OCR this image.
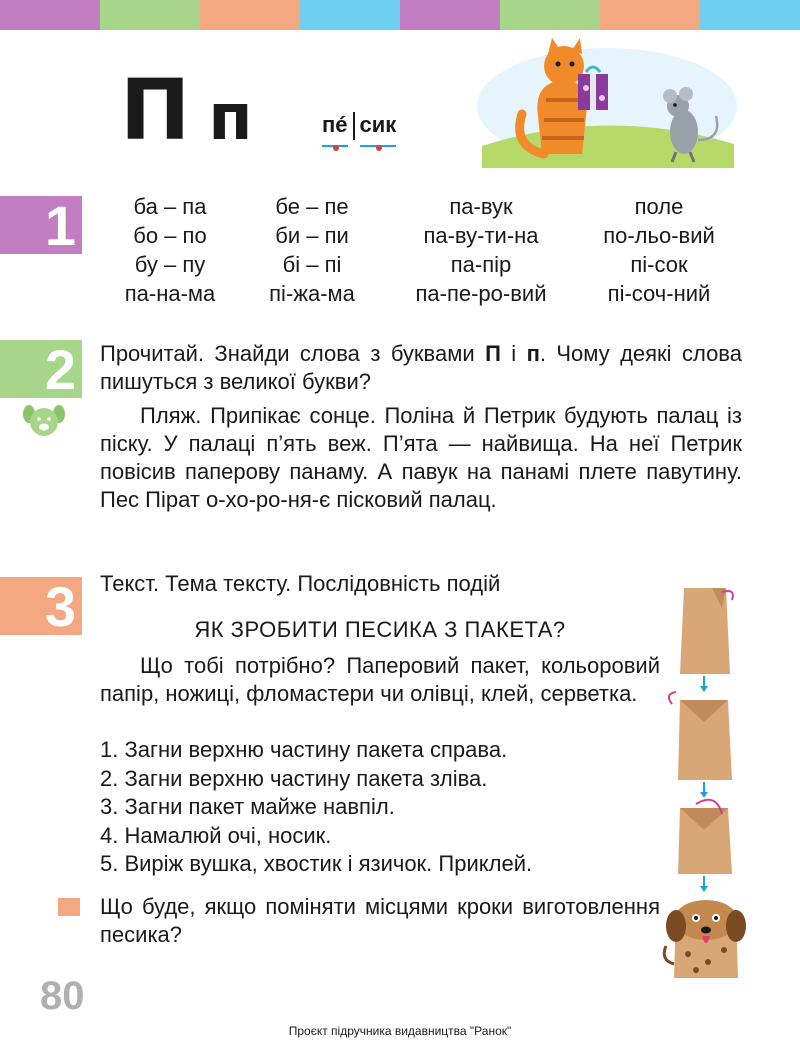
П п	пé сик
1	ба – па	бе – пе	па-вук	поле
бо – по	би – пи	па-ву-ти-на	по-льо-вий
бу – пу	бі – пі	па-пір	пі-сок
па-на-ма	пі-жа-ма	па-пе-ро-вий	пі-соч-ний
2 Прочитай. Знайди слова з буквами П і п. Чому деякі слова пишуться з великої букви?

Пляж. Припікає сонце. Поліна й Петрик будують палац із піску. У палаці п’ять веж. П’ята — найвища. На неї Петрик повісив паперову панаму. А павук на панамі плете павутину. Пес Пірат о-хо-ро-ня-є пісковий палац.

3 Текст. Тема тексту. Послідовність подій

ЯК ЗРОБИТИ ПЕСИКА З ПАКЕТА?

Що тобі потрібно? Паперовий пакет, кольоровий папір, ножиці, фломастери чи олівці, клей, серветка.

1. Загни верхню частину пакета справа.
2. Загни верхню частину пакета зліва.
3. Загни пакет майже навпіл.
4. Намалюй очі, носик.
5. Виріж вушка, хвостик і язичок. Приклей.

Що буде, якщо поміняти місцями кроки виготовлення песика?

80
Проєкт підручника видавництва "Ранок"
